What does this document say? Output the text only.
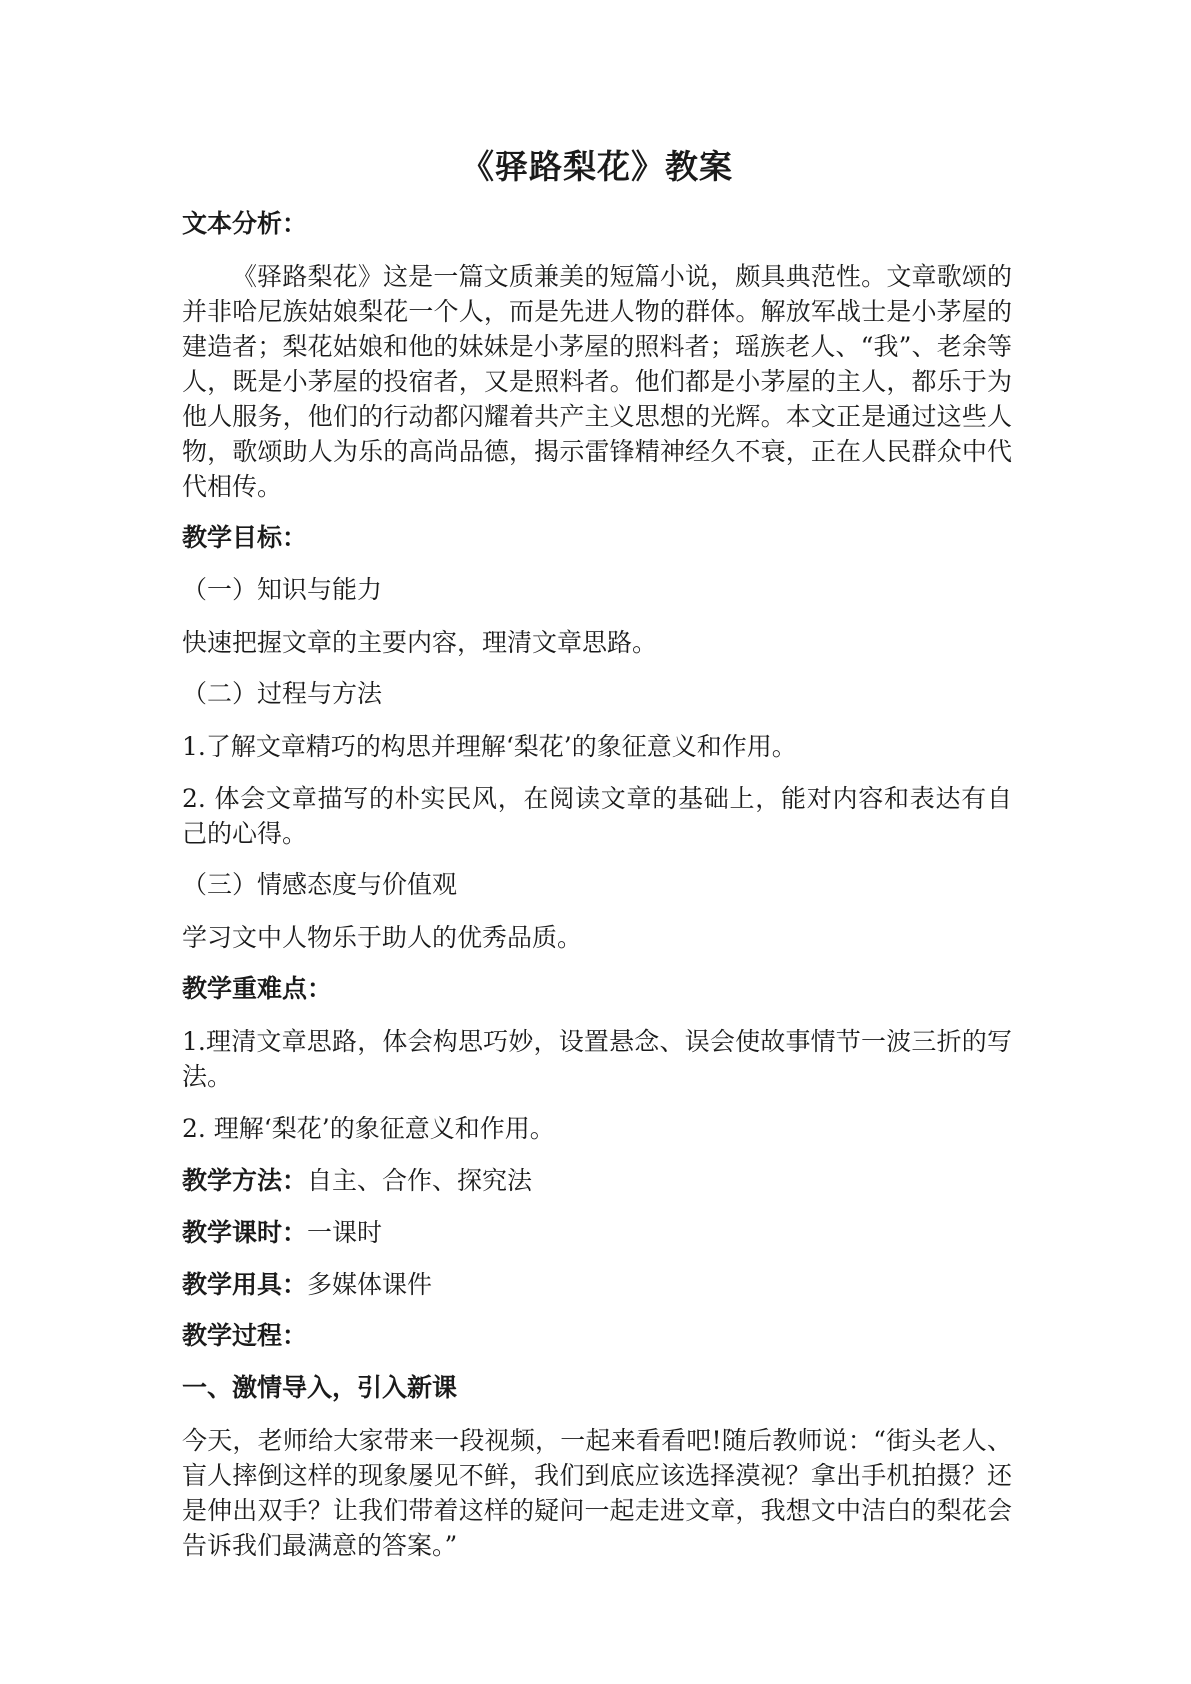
《驿路梨花》教案
文本分析：
《驿路梨花》这是一篇文质兼美的短篇小说，颇具典范性。文章歌颂的并非哈尼族姑娘梨花一个人，而是先进人物的群体。解放军战士是小茅屋的建造者；梨花姑娘和他的妹妹是小茅屋的照料者；瑶族老人、“我”、老余等人，既是小茅屋的投宿者，又是照料者。他们都是小茅屋的主人，都乐于为他人服务，他们的行动都闪耀着共产主义思想的光辉。本文正是通过这些人物，歌颂助人为乐的高尚品德，揭示雷锋精神经久不衰，正在人民群众中代代相传。
教学目标：
（一）知识与能力
快速把握文章的主要内容，理清文章思路。
（二）过程与方法
1.了解文章精巧的构思并理解‘梨花’的象征意义和作用。
2. 体会文章描写的朴实民风，在阅读文章的基础上，能对内容和表达有自己的心得。
（三）情感态度与价值观
学习文中人物乐于助人的优秀品质。
教学重难点：
1.理清文章思路，体会构思巧妙，设置悬念、误会使故事情节一波三折的写法。
2. 理解‘梨花’的象征意义和作用。
教学方法：自主、合作、探究法
教学课时：一课时
教学用具：多媒体课件
教学过程：
一、激情导入，引入新课
今天，老师给大家带来一段视频，一起来看看吧!随后教师说：“街头老人、盲人摔倒这样的现象屡见不鲜，我们到底应该选择漠视？拿出手机拍摄？还是伸出双手？让我们带着这样的疑问一起走进文章，我想文中洁白的梨花会告诉我们最满意的答案。”
